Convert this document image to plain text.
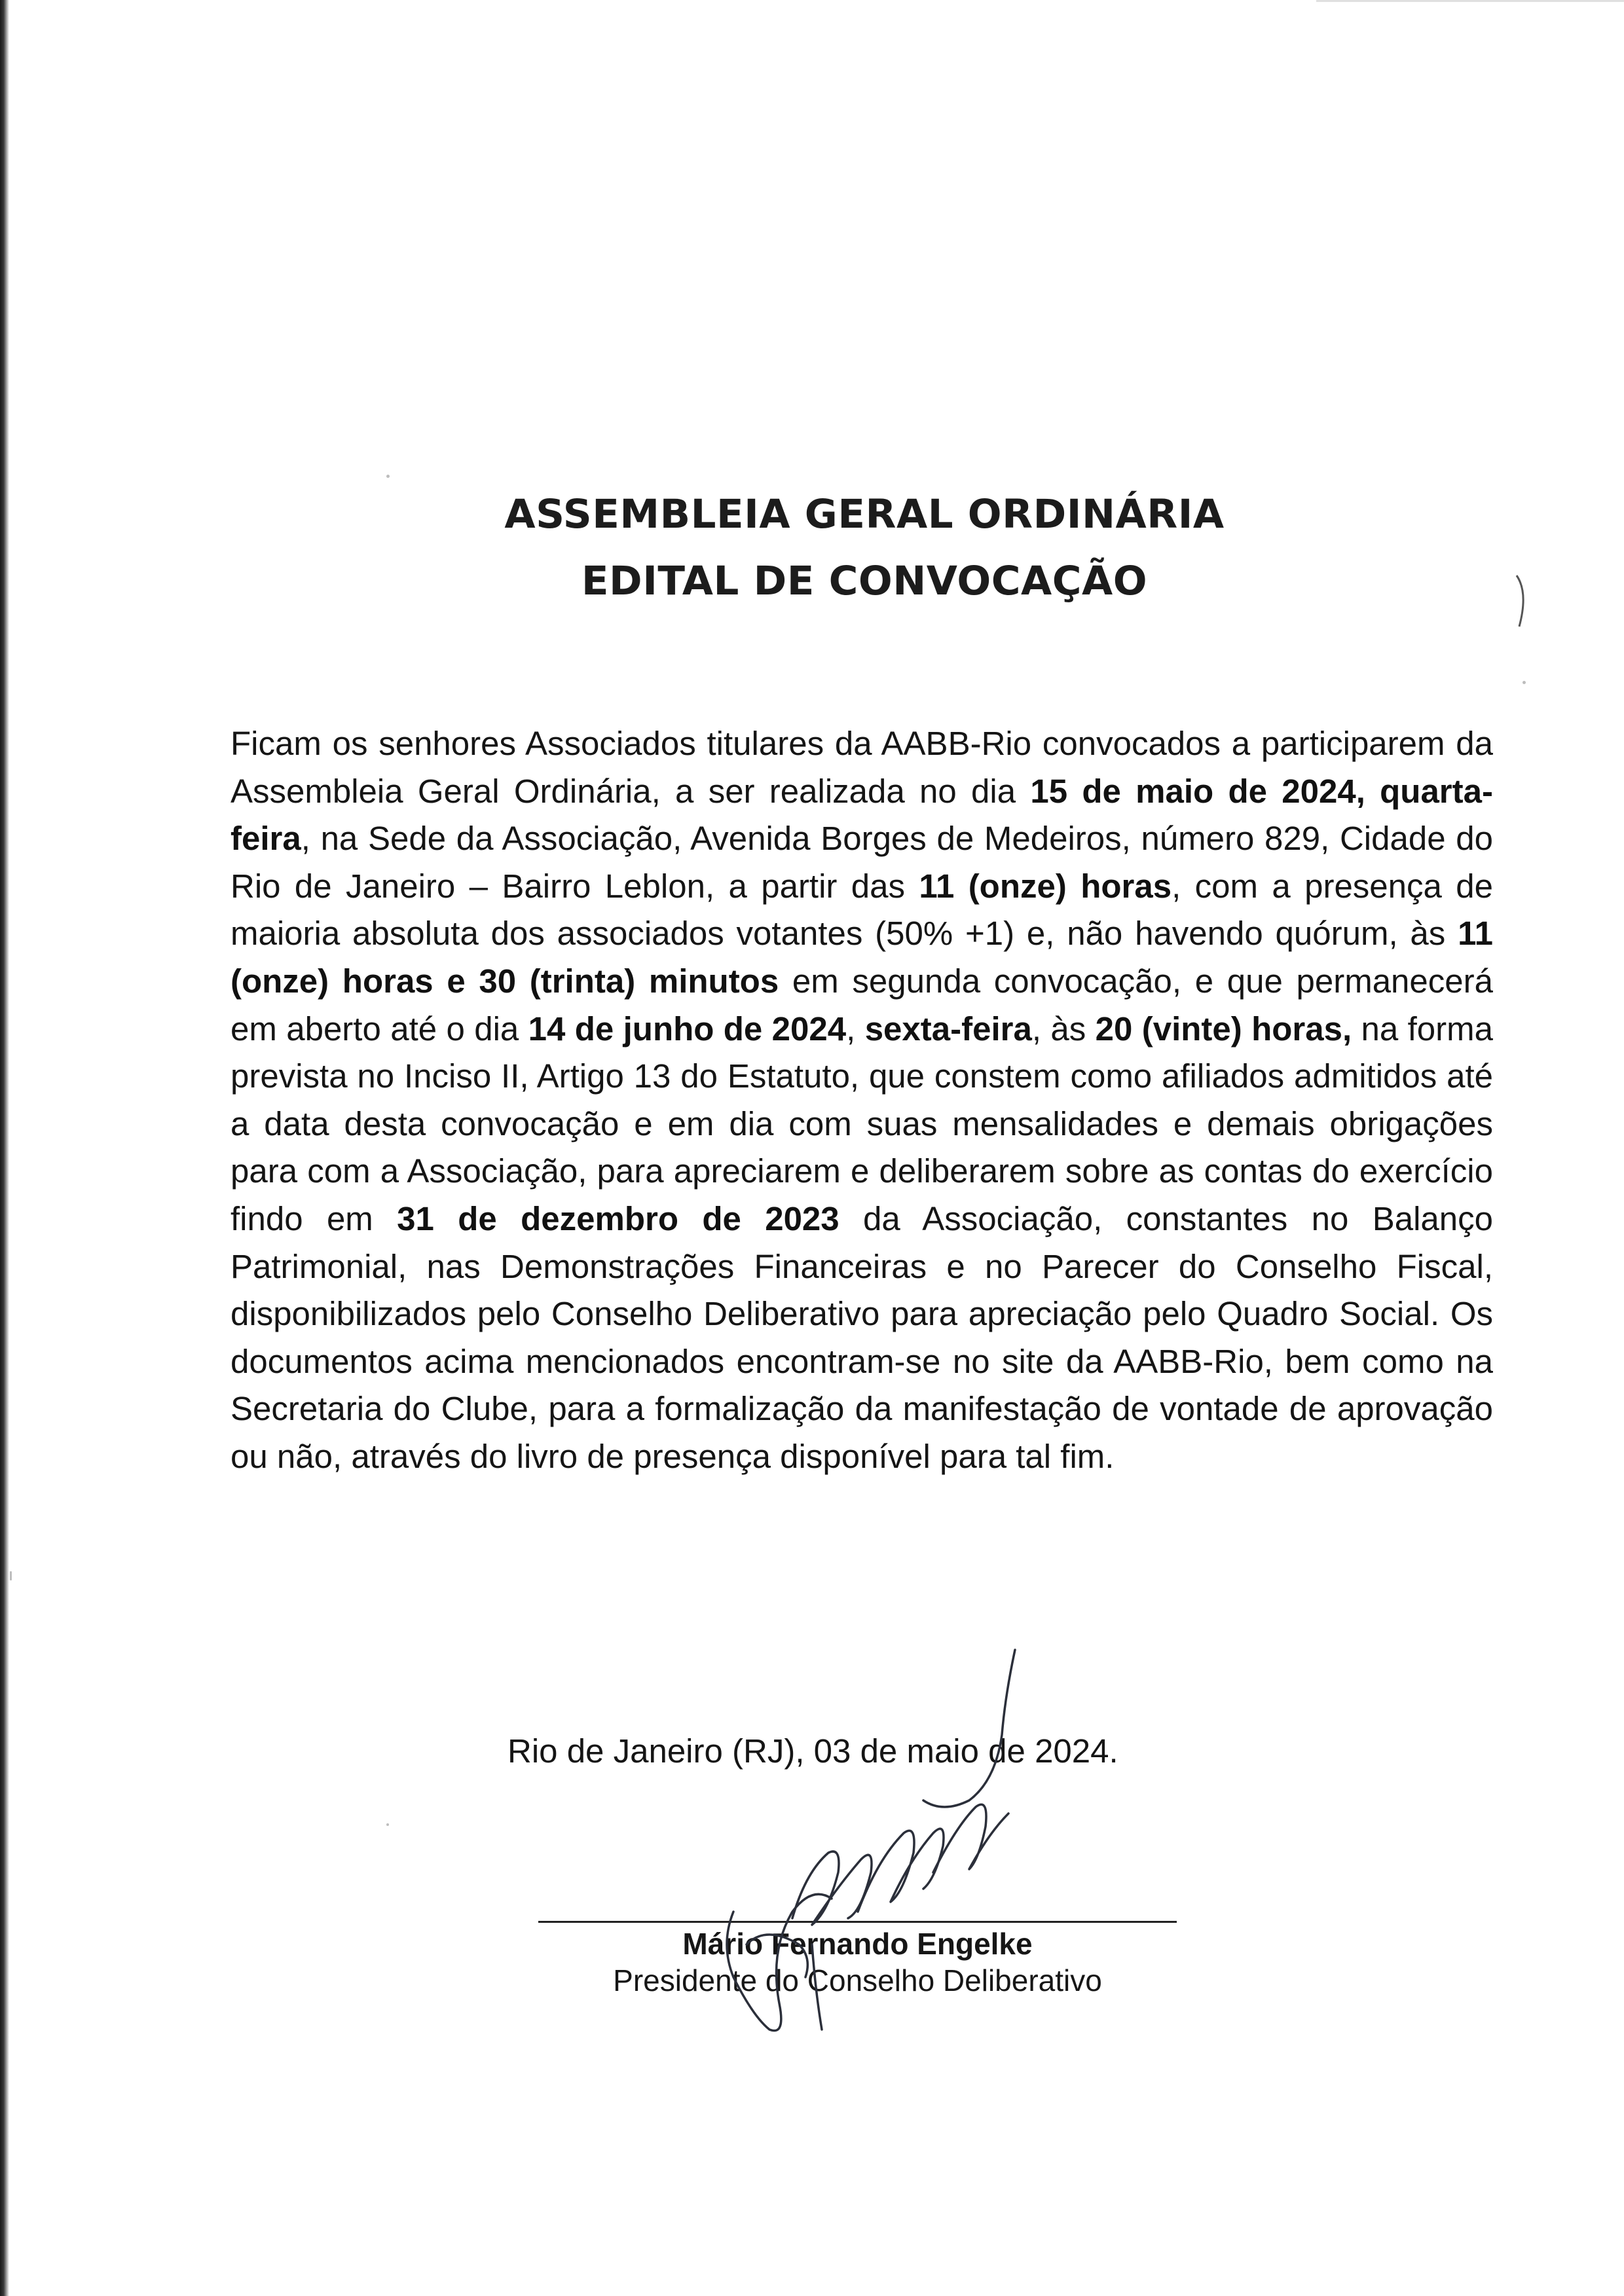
ASSEMBLEIA GERAL ORDINÁRIA
EDITAL DE CONVOCAÇÃO
Ficam os senhores Associados titulares da AABB-Rio convocados a participarem da Assembleia Geral Ordinária, a ser realizada no dia 15 de maio de 2024, quarta-feira, na Sede da Associação, Avenida Borges de Medeiros, número 829, Cidade do Rio de Janeiro – Bairro Leblon, a partir das 11 (onze) horas, com a presença de maioria absoluta dos associados votantes (50% +1) e, não havendo quórum, às 11 (onze) horas e 30 (trinta) minutos em segunda convocação, e que permanecerá em aberto até o dia 14 de junho de 2024, sexta-feira, às 20 (vinte) horas, na forma prevista no Inciso II, Artigo 13 do Estatuto, que constem como afiliados admitidos até a data desta convocação e em dia com suas mensalidades e demais obrigações para com a Associação, para apreciarem e deliberarem sobre as contas do exercício findo em 31 de dezembro de 2023 da Associação, constantes no Balanço Patrimonial, nas Demonstrações Financeiras e no Parecer do Conselho Fiscal, disponibilizados pelo Conselho Deliberativo para apreciação pelo Quadro Social. Os documentos acima mencionados encontram-se no site da AABB-Rio, bem como na Secretaria do Clube, para a formalização da manifestação de vontade de aprovação ou não, através do livro de presença disponível para tal fim.
Rio de Janeiro (RJ), 03 de maio de 2024.
Mário Fernando Engelke
Presidente do Conselho Deliberativo
